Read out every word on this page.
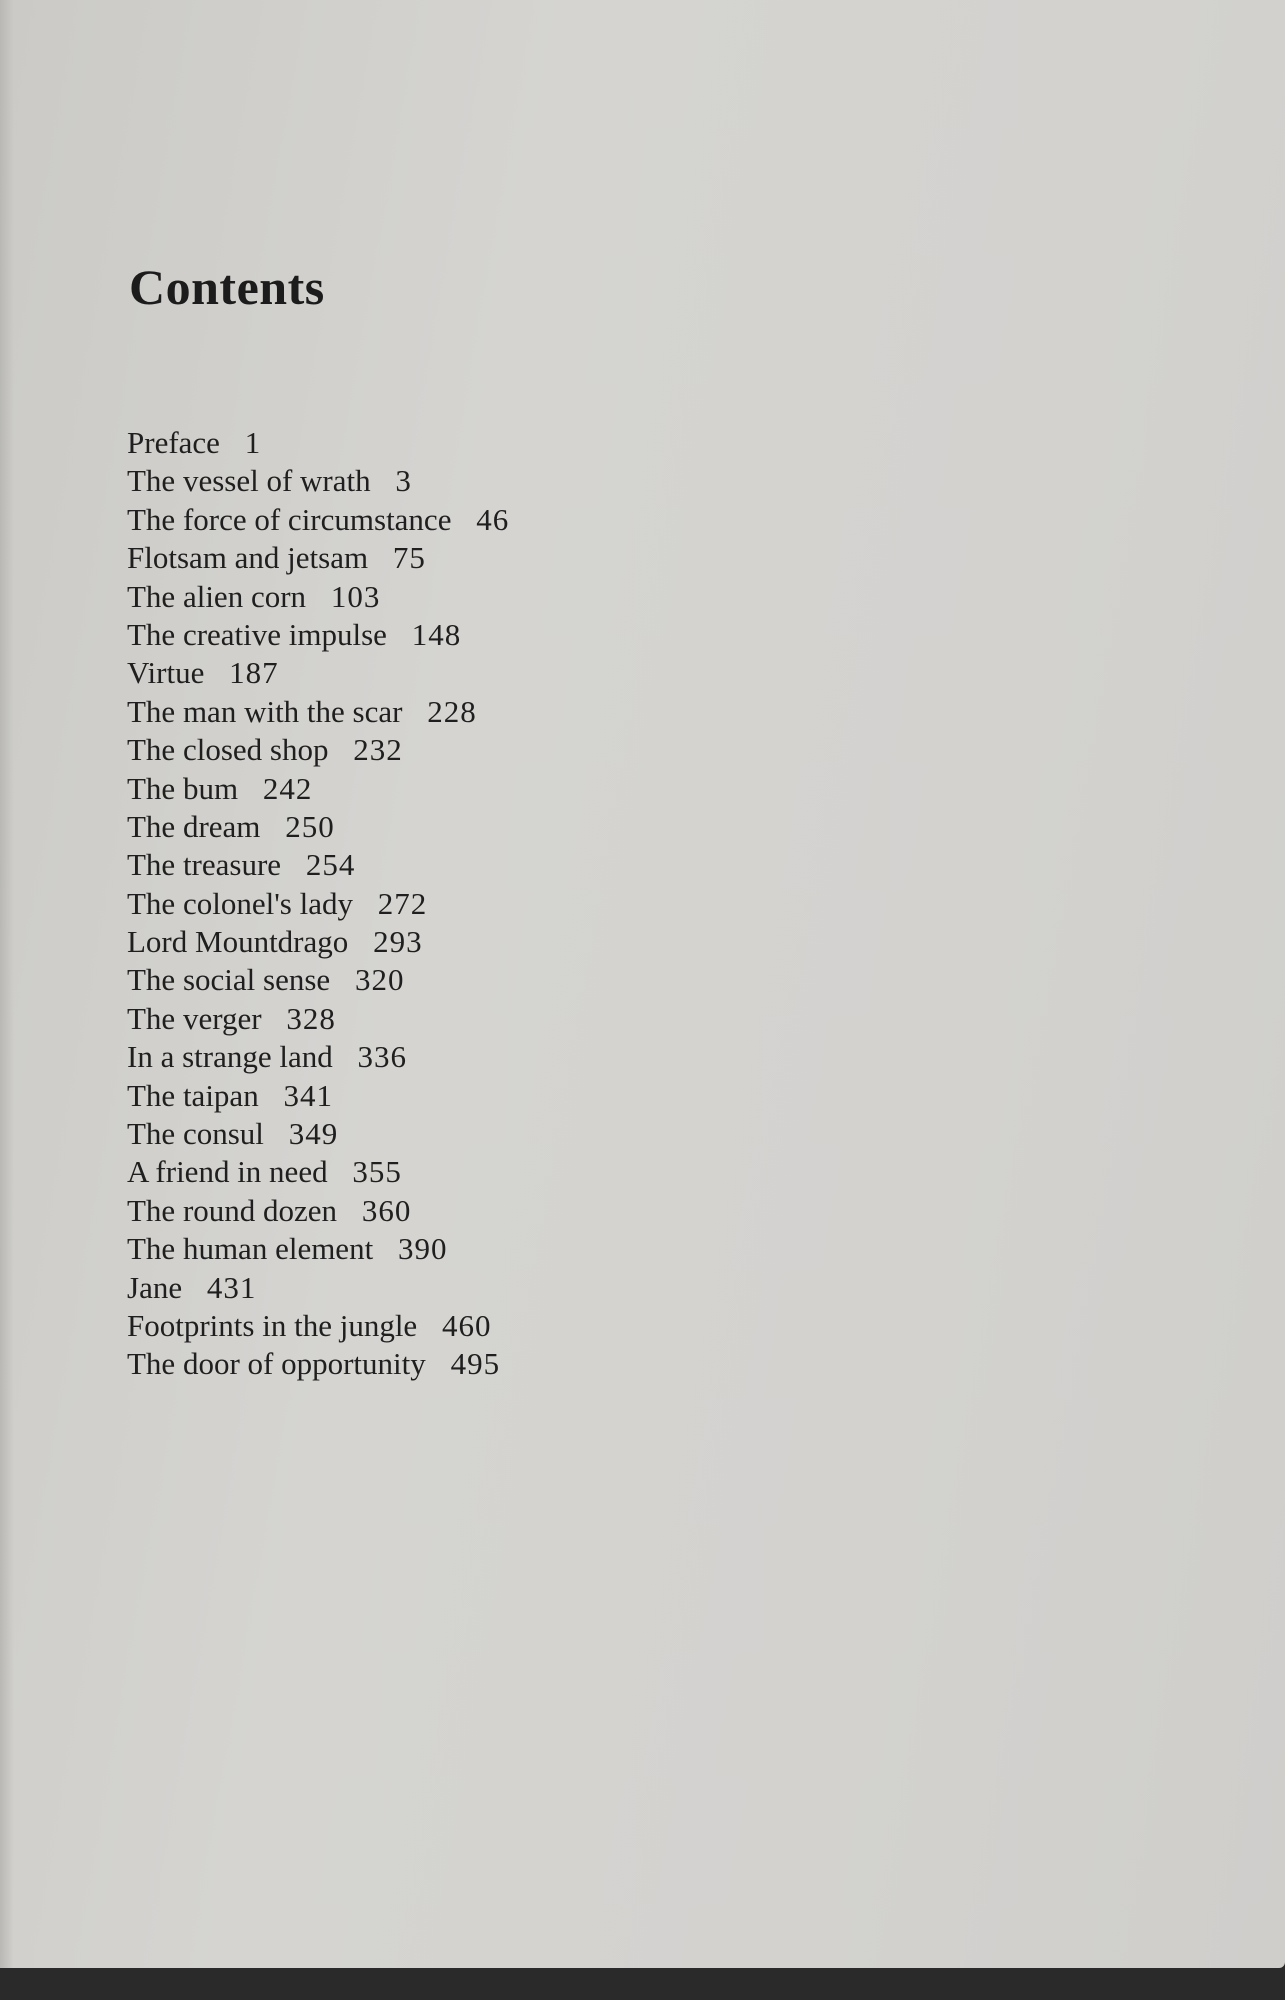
Contents
Preface 1
The vessel of wrath 3
The force of circumstance 46
Flotsam and jetsam 75
The alien corn 103
The creative impulse 148
Virtue 187
The man with the scar 228
The closed shop 232
The bum 242
The dream 250
The treasure 254
The colonel's lady 272
Lord Mountdrago 293
The social sense 320
The verger 328
In a strange land 336
The taipan 341
The consul 349
A friend in need 355
The round dozen 360
The human element 390
Jane 431
Footprints in the jungle 460
The door of opportunity 495
